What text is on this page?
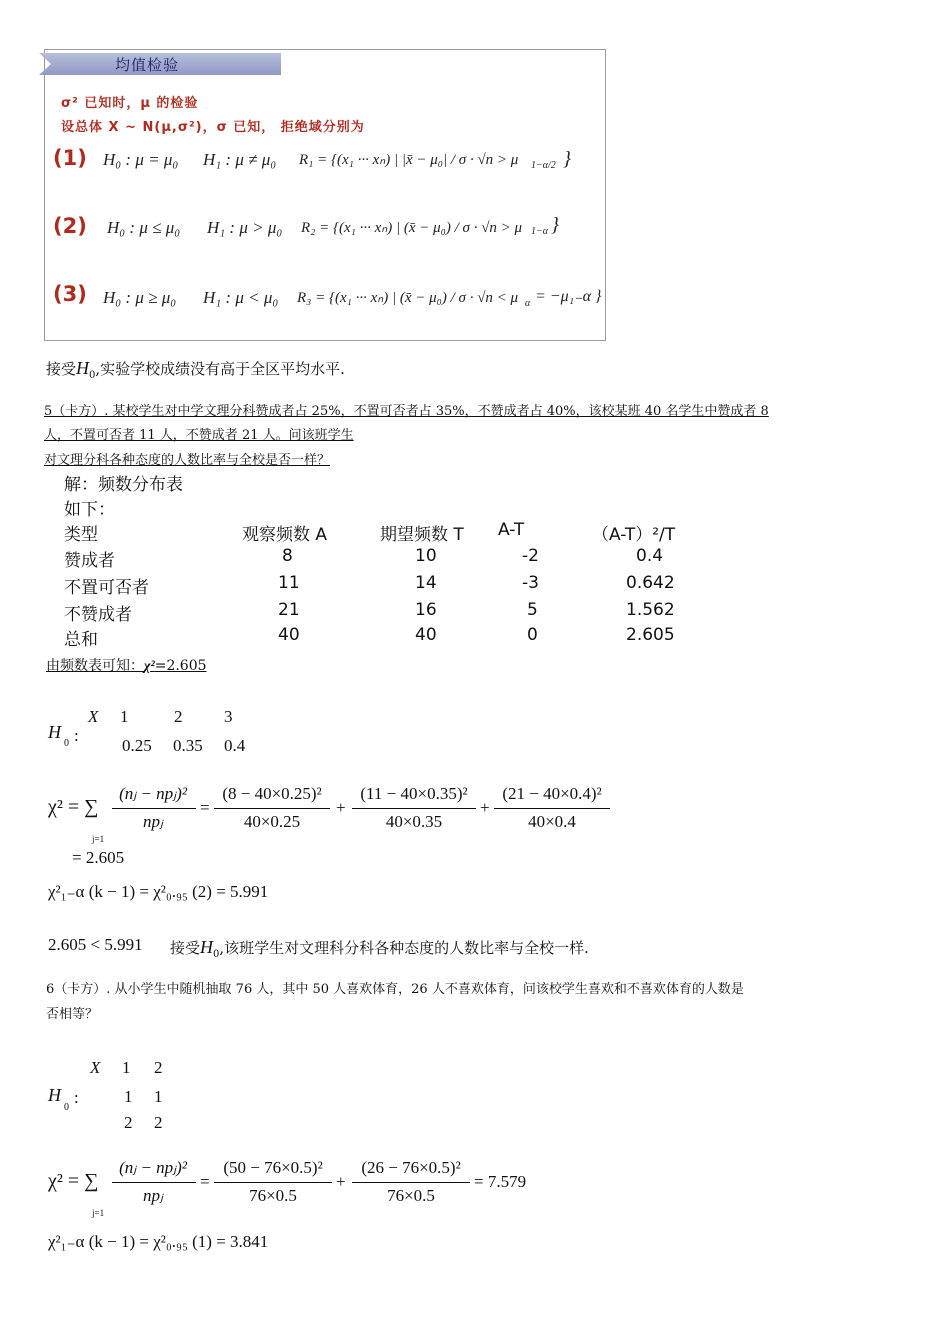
均值检验
σ² 已知时，μ 的检验
设总体 X ~ N(μ,σ²)，σ 已知， 拒绝域分别为
(1) H₀ : μ = μ₀ H₁ : μ ≠ μ₀ R₁ = {(x₁ ··· xₙ) | |x̄ − μ₀| / σ · √n > μ 1−α/2 }
(2) H₀ : μ ≤ μ₀ H₁ : μ > μ₀ R₂ = {(x₁ ··· xₙ) | (x̄ − μ₀) / σ · √n > μ 1−α }
(3) H₀ : μ ≥ μ₀ H₁ : μ < μ₀ R₃ = {(x₁ ··· xₙ) | (x̄ − μ₀) / σ · √n < μ α = −μ₁₋α }
接受$H_0$,实验学校成绩没有高于全区平均水平.
5（卡方）. 某校学生对中学文理分科赞成者占 25%，不置可否者占 35%，不赞成者占 40%，该校某班 40 名学生中赞成者 8
人，不置可否者 11 人，不赞成者 21 人。问该班学生
对文理分科各种态度的人数比率与全校是否一样？
解：频数分布表
如下：
类型	观察频数 A	期望频数 T A-T	（A-T）²/T
赞成者	8	10	-2	0.4
不置可否者	11	14	-3	0.642
不赞成者	21	16	5	1.562
总和	40	40	0	2.605
由频数表可知：χ²=2.605
X 1	2 3
H
0 :
0.25 0.35 0.4
χ² = ∑
j=1
(nⱼ − npⱼ)²
npⱼ
=
(8 − 40×0.25)²
40×0.25
+
(11 − 40×0.35)²
40×0.35
+
(21 − 40×0.4)²
40×0.4
= 2.605
χ²₁₋α (k − 1) = χ²₀.₉₅ (2) = 5.991
2.605 < 5.991 接受$H_0$,该班学生对文理科分科各种态度的人数比率与全校一样.
6（卡方）. 从小学生中随机抽取 76 人，其中 50 人喜欢体育，26 人不喜欢体育，问该校学生喜欢和不喜欢体育的人数是
否相等？
X 1 2
H
0
:	1 1
2 2
χ² = ∑
j=1
(nⱼ − npⱼ)²
npⱼ
=
(50 − 76×0.5)²
76×0.5
+
(26 − 76×0.5)²
76×0.5
= 7.579
χ²₁₋α (k − 1) = χ²₀.₉₅ (1) = 3.841
